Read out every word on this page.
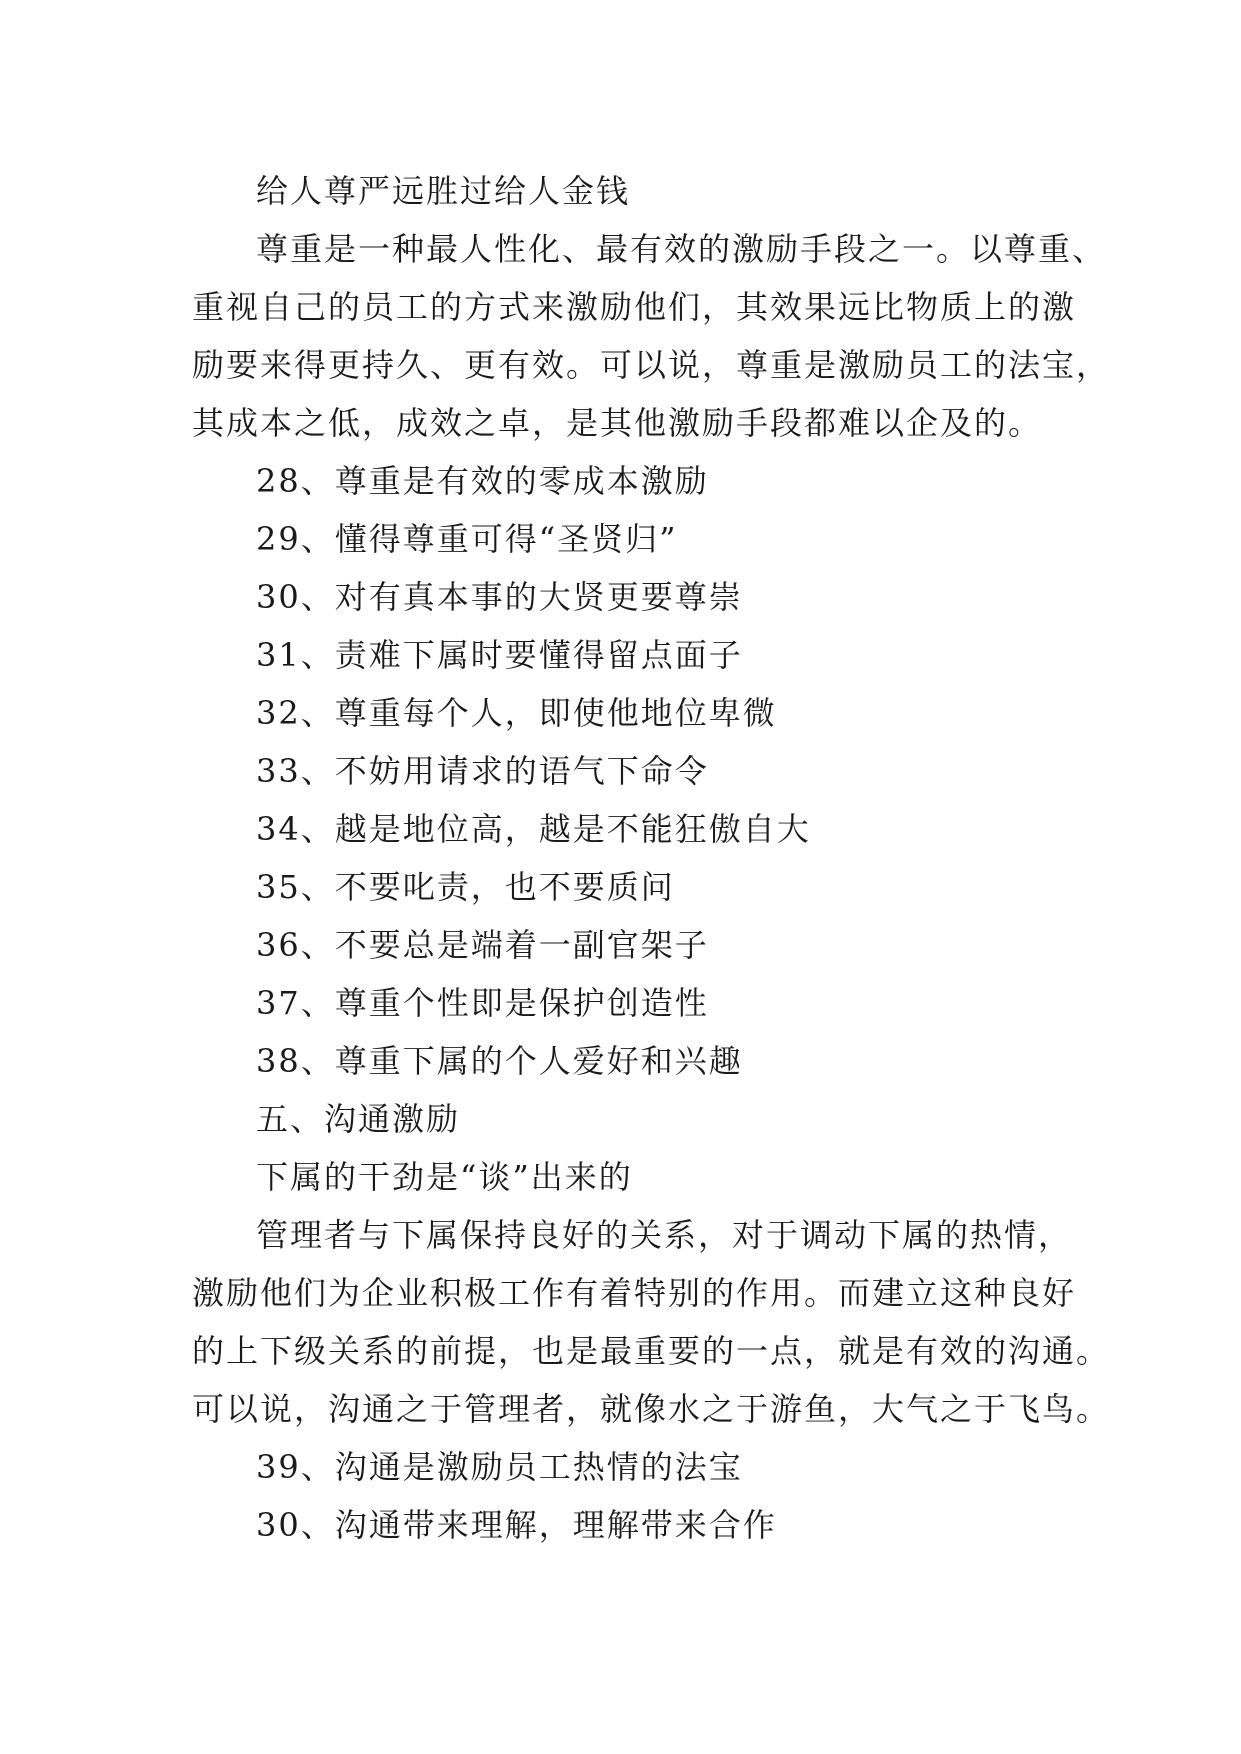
给人尊严远胜过给人金钱
尊重是一种最人性化、最有效的激励手段之一。以尊重、
重视自己的员工的方式来激励他们，其效果远比物质上的激
励要来得更持久、更有效。可以说，尊重是激励员工的法宝，
其成本之低，成效之卓，是其他激励手段都难以企及的。
28、尊重是有效的零成本激励
29、懂得尊重可得“圣贤归”
30、对有真本事的大贤更要尊崇
31、责难下属时要懂得留点面子
32、尊重每个人，即使他地位卑微
33、不妨用请求的语气下命令
34、越是地位高，越是不能狂傲自大
35、不要叱责，也不要质问
36、不要总是端着一副官架子
37、尊重个性即是保护创造性
38、尊重下属的个人爱好和兴趣
五、沟通激励
下属的干劲是“谈”出来的
管理者与下属保持良好的关系，对于调动下属的热情，
激励他们为企业积极工作有着特别的作用。而建立这种良好
的上下级关系的前提，也是最重要的一点，就是有效的沟通。
可以说，沟通之于管理者，就像水之于游鱼，大气之于飞鸟。
39、沟通是激励员工热情的法宝
30、沟通带来理解，理解带来合作
